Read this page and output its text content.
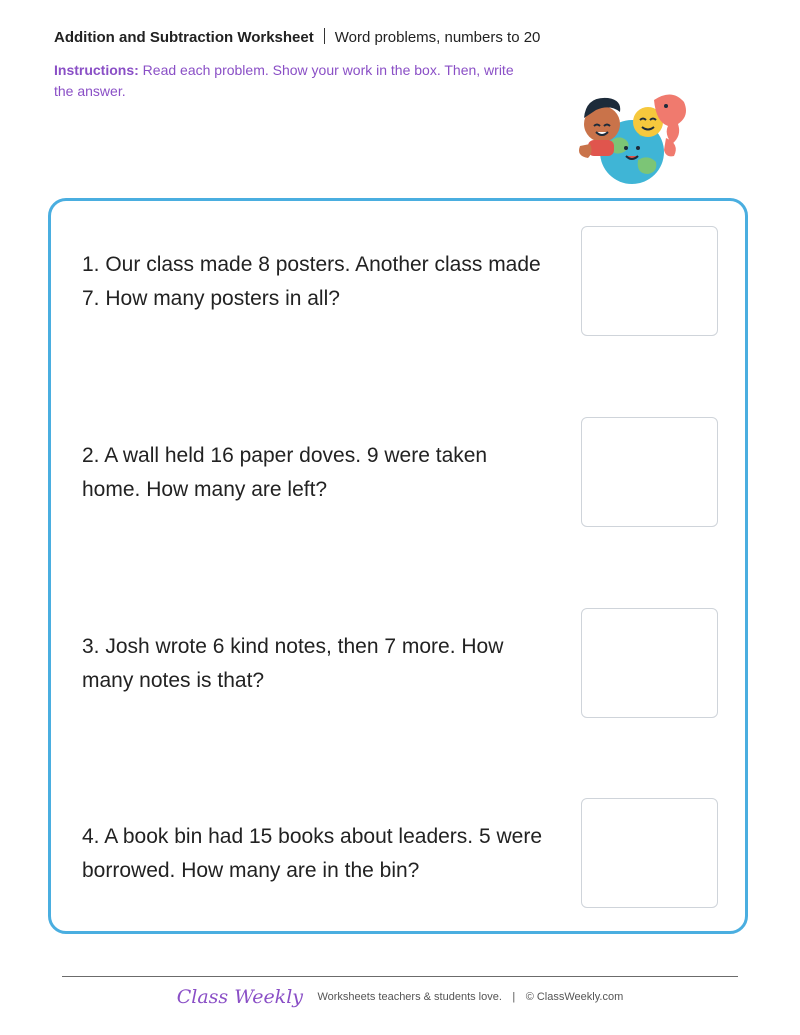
Addition and Subtraction Worksheet Word problems, numbers to 20
Instructions: Read each problem. Show your work in the box. Then, write the answer.
1. Our class made 8 posters. Another class made 7. How many posters in all?
2. A wall held 16 paper doves. 9 were taken home. How many are left?
3. Josh wrote 6 kind notes, then 7 more. How many notes is that?
4. A book bin had 15 books about leaders. 5 were borrowed. How many are in the bin?
Class Weekly Worksheets teachers & students love. | © ClassWeekly.com
